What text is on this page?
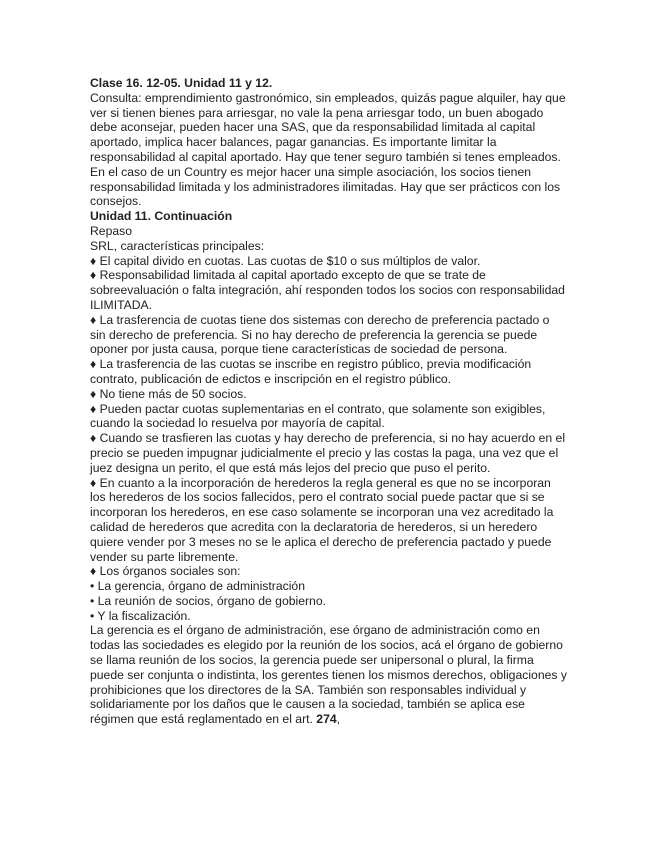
Clase 16. 12-05. Unidad 11 y 12.

Consulta: emprendimiento gastronómico, sin empleados, quizás pague alquiler, hay que ver si tienen bienes para arriesgar, no vale la pena arriesgar todo, un buen abogado debe aconsejar, pueden hacer una SAS, que da responsabilidad limitada al capital aportado, implica hacer balances, pagar ganancias. Es importante limitar la responsabilidad al capital aportado. Hay que tener seguro también si tenes empleados.

En el caso de un Country es mejor hacer una simple asociación, los socios tienen responsabilidad limitada y los administradores ilimitadas. Hay que ser prácticos con los consejos.

Unidad 11. Continuación

Repaso

SRL, características principales:

♦ El capital divido en cuotas. Las cuotas de $10 o sus múltiplos de valor.

♦ Responsabilidad limitada al capital aportado excepto de que se trate de sobreevaluación o falta integración, ahí responden todos los socios con responsabilidad ILIMITADA.

♦ La trasferencia de cuotas tiene dos sistemas con derecho de preferencia pactado o sin derecho de preferencia. Si no hay derecho de preferencia la gerencia se puede oponer por justa causa, porque tiene características de sociedad de persona.

♦ La trasferencia de las cuotas se inscribe en registro público, previa modificación contrato, publicación de edictos e inscripción en el registro público.

♦ No tiene más de 50 socios.

♦ Pueden pactar cuotas suplementarias en el contrato, que solamente son exigibles, cuando la sociedad lo resuelva por mayoría de capital.

♦ Cuando se trasfieren las cuotas y hay derecho de preferencia, si no hay acuerdo en el precio se pueden impugnar judicialmente el precio y las costas la paga, una vez que el juez designa un perito, el que está más lejos del precio que puso el perito.

♦ En cuanto a la incorporación de herederos la regla general es que no se incorporan los herederos de los socios fallecidos, pero el contrato social puede pactar que si se incorporan los herederos, en ese caso solamente se incorporan una vez acreditado la calidad de herederos que acredita con la declaratoria de herederos, si un heredero quiere vender por 3 meses no se le aplica el derecho de preferencia pactado y puede vender su parte libremente.

♦ Los órganos sociales son:

• La gerencia, órgano de administración

• La reunión de socios, órgano de gobierno.

• Y la fiscalización.

La gerencia es el órgano de administración, ese órgano de administración como en todas las sociedades es elegido por la reunión de los socios, acá el órgano de gobierno se llama reunión de los socios, la gerencia puede ser unipersonal o plural, la firma puede ser conjunta o indistinta, los gerentes tienen los mismos derechos, obligaciones y prohibiciones que los directores de la SA. También son responsables individual y solidariamente por los daños que le causen a la sociedad, también se aplica ese régimen que está reglamentado en el art. 274,
